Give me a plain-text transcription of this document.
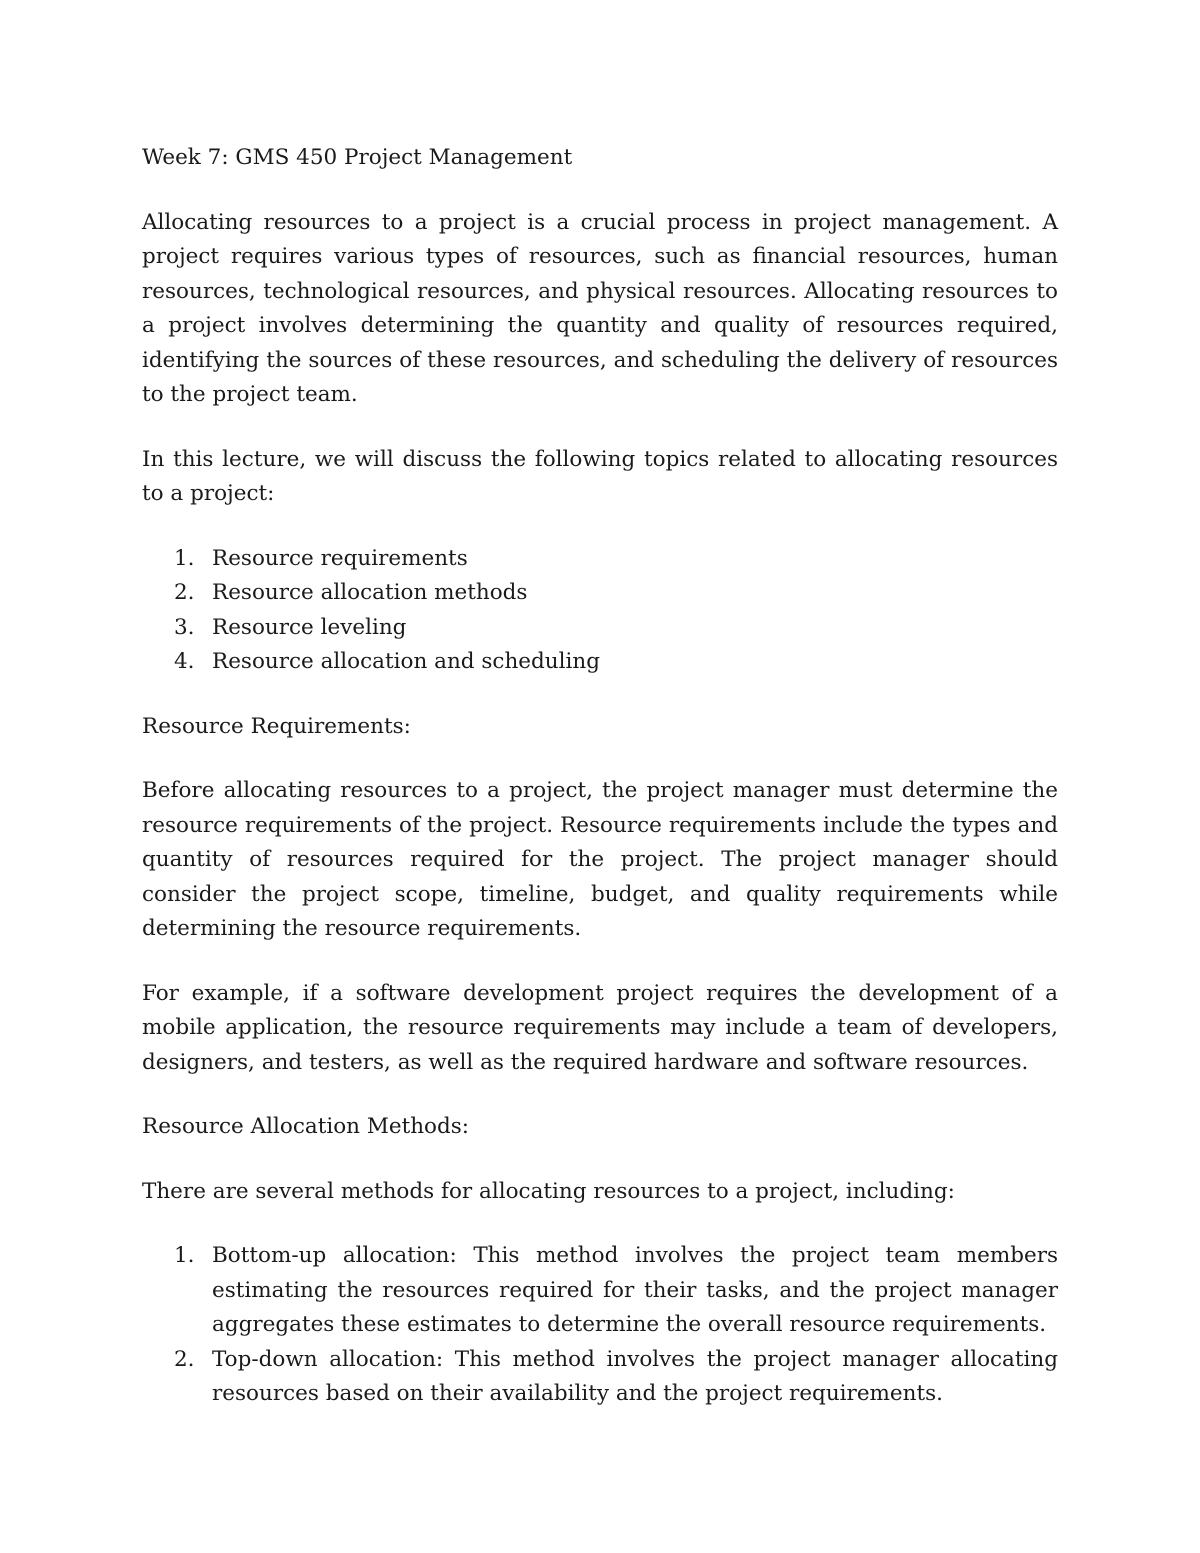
Week 7: GMS 450 Project Management

Allocating resources to a project is a crucial process in project management. A project requires various types of resources, such as financial resources, human resources, technological resources, and physical resources. Allocating resources to a project involves determining the quantity and quality of resources required, identifying the sources of these resources, and scheduling the delivery of resources to the project team.

In this lecture, we will discuss the following topics related to allocating resources to a project:

1. Resource requirements
2. Resource allocation methods
3. Resource leveling
4. Resource allocation and scheduling

Resource Requirements:

Before allocating resources to a project, the project manager must determine the resource requirements of the project. Resource requirements include the types and quantity of resources required for the project. The project manager should consider the project scope, timeline, budget, and quality requirements while determining the resource requirements.

For example, if a software development project requires the development of a mobile application, the resource requirements may include a team of developers, designers, and testers, as well as the required hardware and software resources.

Resource Allocation Methods:

There are several methods for allocating resources to a project, including:

1. Bottom-up allocation: This method involves the project team members estimating the resources required for their tasks, and the project manager aggregates these estimates to determine the overall resource requirements.
2. Top-down allocation: This method involves the project manager allocating resources based on their availability and the project requirements.
